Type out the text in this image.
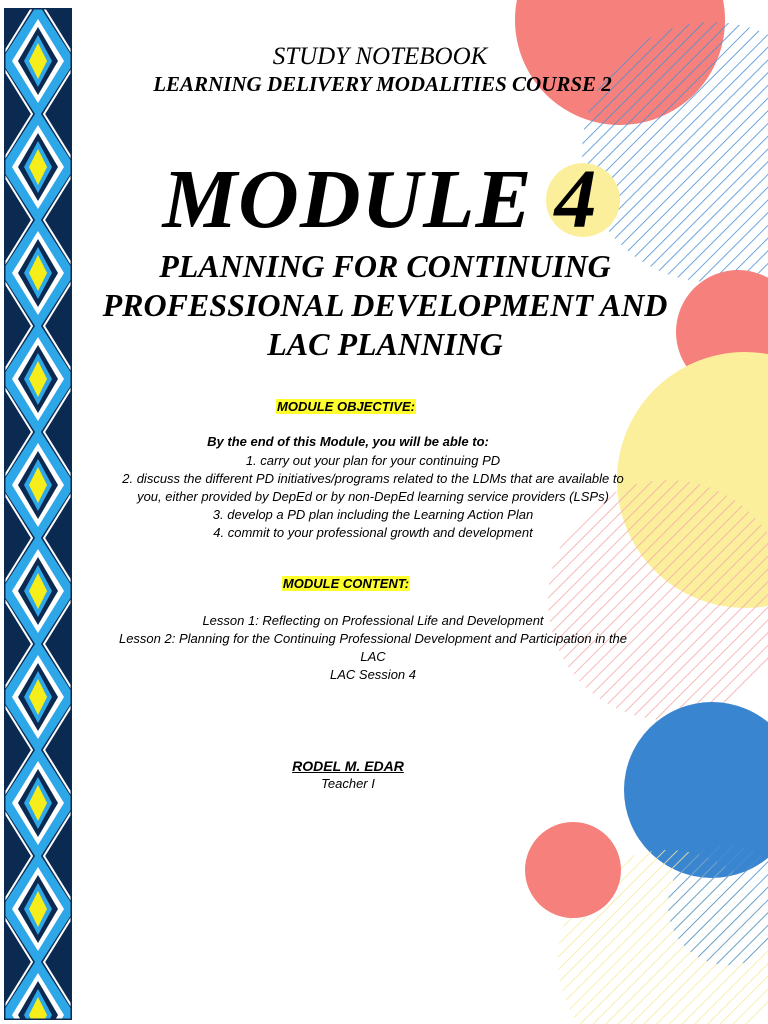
STUDY NOTEBOOK
LEARNING DELIVERY MODALITIES COURSE 2
MODULE 4
PLANNING FOR CONTINUING
PROFESSIONAL DEVELOPMENT AND
LAC PLANNING
MODULE OBJECTIVE:
By the end of this Module, you will be able to:
1. carry out your plan for your continuing PD
2. discuss the different PD initiatives/programs related to the LDMs that are available to
you, either provided by DepEd or by non-DepEd learning service providers (LSPs)
3. develop a PD plan including the Learning Action Plan
4. commit to your professional growth and development
MODULE CONTENT:
Lesson 1: Reflecting on Professional Life and Development
Lesson 2: Planning for the Continuing Professional Development and Participation in the
LAC
LAC Session 4
RODEL M. EDAR
Teacher I
